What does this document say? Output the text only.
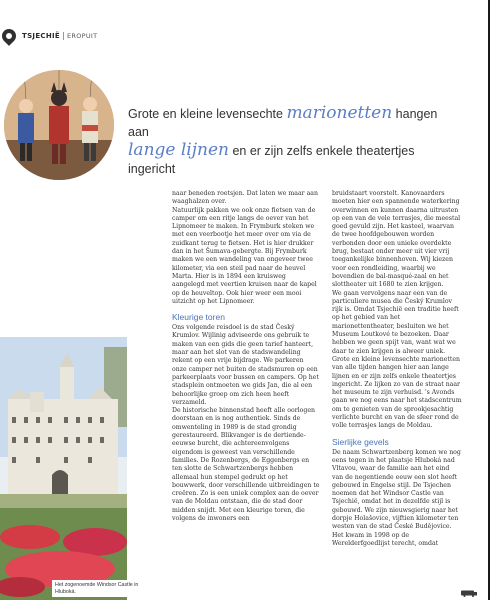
TSJECHIË EROPUIT
Grote en kleine levensechte marionetten hangen aan
lange lijnen en er zijn zelfs enkele theatertjes ingericht

naar beneden roetsjen. Dat laten we maar aan waaghalzen over.

Natuurlijk pakken we ook onze fietsen van de camper om een ritje langs de oever van het Lipnomeer te maken. In Frymburk steken we met een veerbootje het meer over om via de zuidkant terug te fietsen. Het is hier drukker dan in het Šumava-gebergte. Bij Frymburk maken we een wandeling van ongeveer twee kilometer, via een steil pad naar de heuvel Marta. Hier is in 1894 een kruisweg aangelegd met veertien kruisen naar de kapel op de heuveltop. Ook hier weer een mooi uitzicht op het Lipnomeer.

Kleurige toren

Ons volgende reisdoel is de stad Český Krumlov. Wijlinig adviseerde ons gebruik te maken van een gids die geen tarief hanteert, maar aan het slot van de stadswandeling rekent op een vrije bijdrage. We parkeren onze camper net buiten de stadsmuren op een parkeerplaats voor bussen en campers. Op het stadsplein ontmoeten we gids Jan, die al een behoorlijke groep om zich heen heeft verzameld.

De historische binnenstad heeft alle oorlogen doorstaan en is nog authentiek. Sinds de omwenteling in 1989 is de stad grondig gerestaureerd. Blikvanger is de dertiende-eeuwse burcht, die achtereenvolgens eigendom is geweest van verschillende families. De Rozenbergs, de Eggenbergs en ten slotte de Schwartzenbergs hebben allemaal hun stempel gedrukt op het bouwwerk, door verschillende uitbreidingen te creëren. Zo is een uniek complex aan de oever van de Moldau ontstaan, die de stad door midden snijdt. Met een kleurige toren, die volgens de inwoners een

bruidstaart voorstelt. Kanovaarders moeten hier een spannende waterkering overwinnen en kunnen daarna uitrusten op een van de vele terrasjes, die meestal goed gevuld zijn. Het kasteel, waarvan de twee hoofdgebouwen worden verbonden door een unieke overdekte brug, bestaat onder meer uit vier vrij toegankelijke binnenhoven. Wij kiezen voor een rondleiding, waarbij we bovendien de bal-masqué-zaal en het slottheater uit 1680 te zien krijgen.

We gaan vervolgens naar een van de particuliere musea die Český Krumlov rijk is. Omdat Tsjechië een traditie heeft op het gebied van het marionettentheater, besluiten we het Museum Loutkové te bezoeken. Daar hebben we geen spijt van, want wat we daar te zien krijgen is alweer uniek. Grote en kleine levensechte marionetten van alle tijden hangen hier aan lange lijnen en er zijn zelfs enkele theatertjes ingericht. Ze lijken zo van de straat naar het museum te zijn verhuisd. 's Avonds gaan we nog eens naar het stadscentrum om te genieten van de sprookjesachtig verlichte burcht en van de sfeer rond de volle terrasjes langs de Moldau.

Sierlijke gevels

De naam Schwartzenberg komen we nog eens tegen in het plaatsje Hluboká nad Vltavou, waar de familie aan het eind van de negentiende eeuw een slot heeft gebouwd in Engelse stijl. De Tsjechen noemen dat het Windsor Castle van Tsjechië, omdat het in dezelfde stijl is gebouwd. We zijn nieuwsgierig naar het dorpje Holašovice, vijftien kilometer ten westen van de stad České Budějovice. Het kwam in 1998 op de Werelderfgoedlijst terecht, omdat

Het zogenoemde Windsor Castle in Hluboká.
